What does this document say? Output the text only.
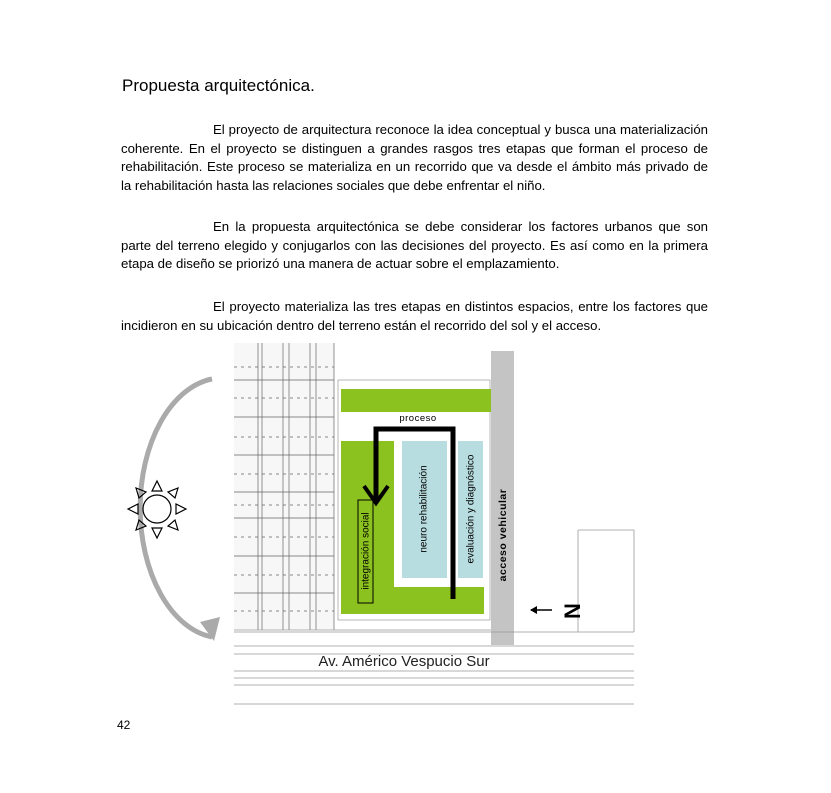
Propuesta arquitectónica.

El proyecto de arquitectura reconoce la idea conceptual y busca una materialización coherente. En el proyecto se distinguen a grandes rasgos tres etapas que forman el proceso de rehabilitación. Este proceso se materializa en un recorrido que va desde el ámbito más privado de la rehabilitación hasta las relaciones sociales que debe enfrentar el niño.

En la propuesta arquitectónica se debe considerar los factores urbanos que son parte del terreno elegido y conjugarlos con las decisiones del proyecto. Es así como en la primera etapa de diseño se priorizó una manera de actuar sobre el emplazamiento.

El proyecto materializa las tres etapas en distintos espacios, entre los factores que incidieron en su ubicación dentro del terreno están el recorrido del sol y el acceso.

N
proceso
integración social	neuro rehabilitación	evaluación y diagnóstico acceso vehicular
Av. Américo Vespucio Sur
42
